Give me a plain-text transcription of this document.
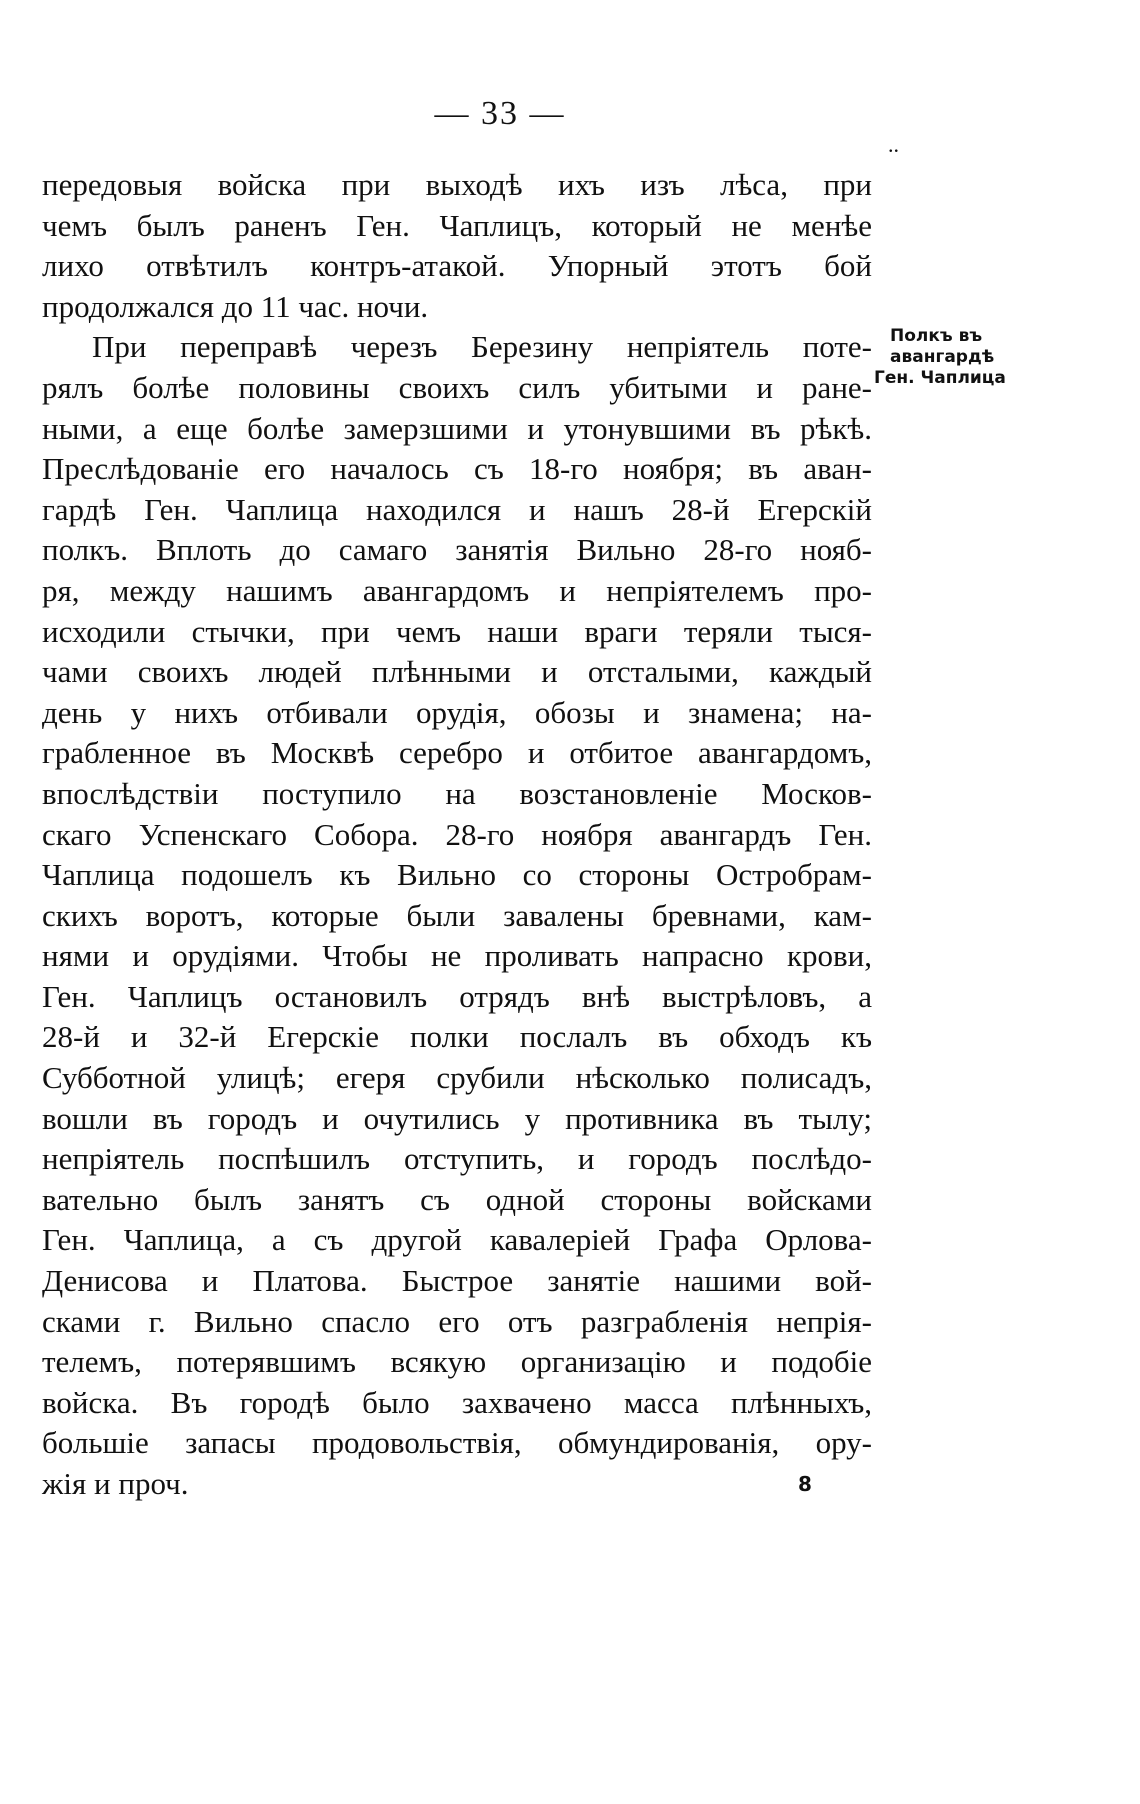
— 33 —
..
передовыя войска при выходѣ ихъ изъ лѣса, при
чемъ былъ раненъ Ген. Чаплицъ, который не менѣе
лихо отвѣтилъ контръ-атакой. Упорный этотъ бой
продолжался до 11 час. ночи.
При переправѣ черезъ Березину непріятель поте-
рялъ болѣе половины своихъ силъ убитыми и ране-
ными, а еще болѣе замерзшими и утонувшими въ рѣкѣ.
Преслѣдованіе его началось съ 18-го ноября; въ аван-
гардѣ Ген. Чаплица находился и нашъ 28-й Егерскій
полкъ. Вплоть до самаго занятія Вильно 28-го нояб-
ря, между нашимъ авангардомъ и непріятелемъ про-
исходили стычки, при чемъ наши враги теряли тыся-
чами своихъ людей плѣнными и отсталыми, каждый
день у нихъ отбивали орудія, обозы и знамена; на-
грабленное въ Москвѣ серебро и отбитое авангардомъ,
впослѣдствіи поступило на возстановленіе Москов-
скаго Успенскаго Собора. 28-го ноября авангардъ Ген.
Чаплица подошелъ къ Вильно со стороны Остробрам-
скихъ воротъ, которые были завалены бревнами, кам-
нями и орудіями. Чтобы не проливать напрасно крови,
Ген. Чаплицъ остановилъ отрядъ внѣ выстрѣловъ, а
28-й и 32-й Егерскіе полки послалъ въ обходъ къ
Субботной улицѣ; егеря срубили нѣсколько полисадъ,
вошли въ городъ и очутились у противника въ тылу;
непріятель поспѣшилъ отступить, и городъ послѣдо-
вательно былъ занятъ съ одной стороны войсками
Ген. Чаплица, а съ другой кавалеріей Графа Орлова-
Денисова и Платова. Быстрое занятіе нашими вой-
сками г. Вильно спасло его отъ разграбленія непрія-
телемъ, потерявшимъ всякую организацію и подобіе
войска. Въ городѣ было захвачено масса плѣнныхъ,
большіе запасы продовольствія, обмундированія, ору-
жія и проч.
Полкъ въ
авангардѣ
Ген. Чаплица
8
